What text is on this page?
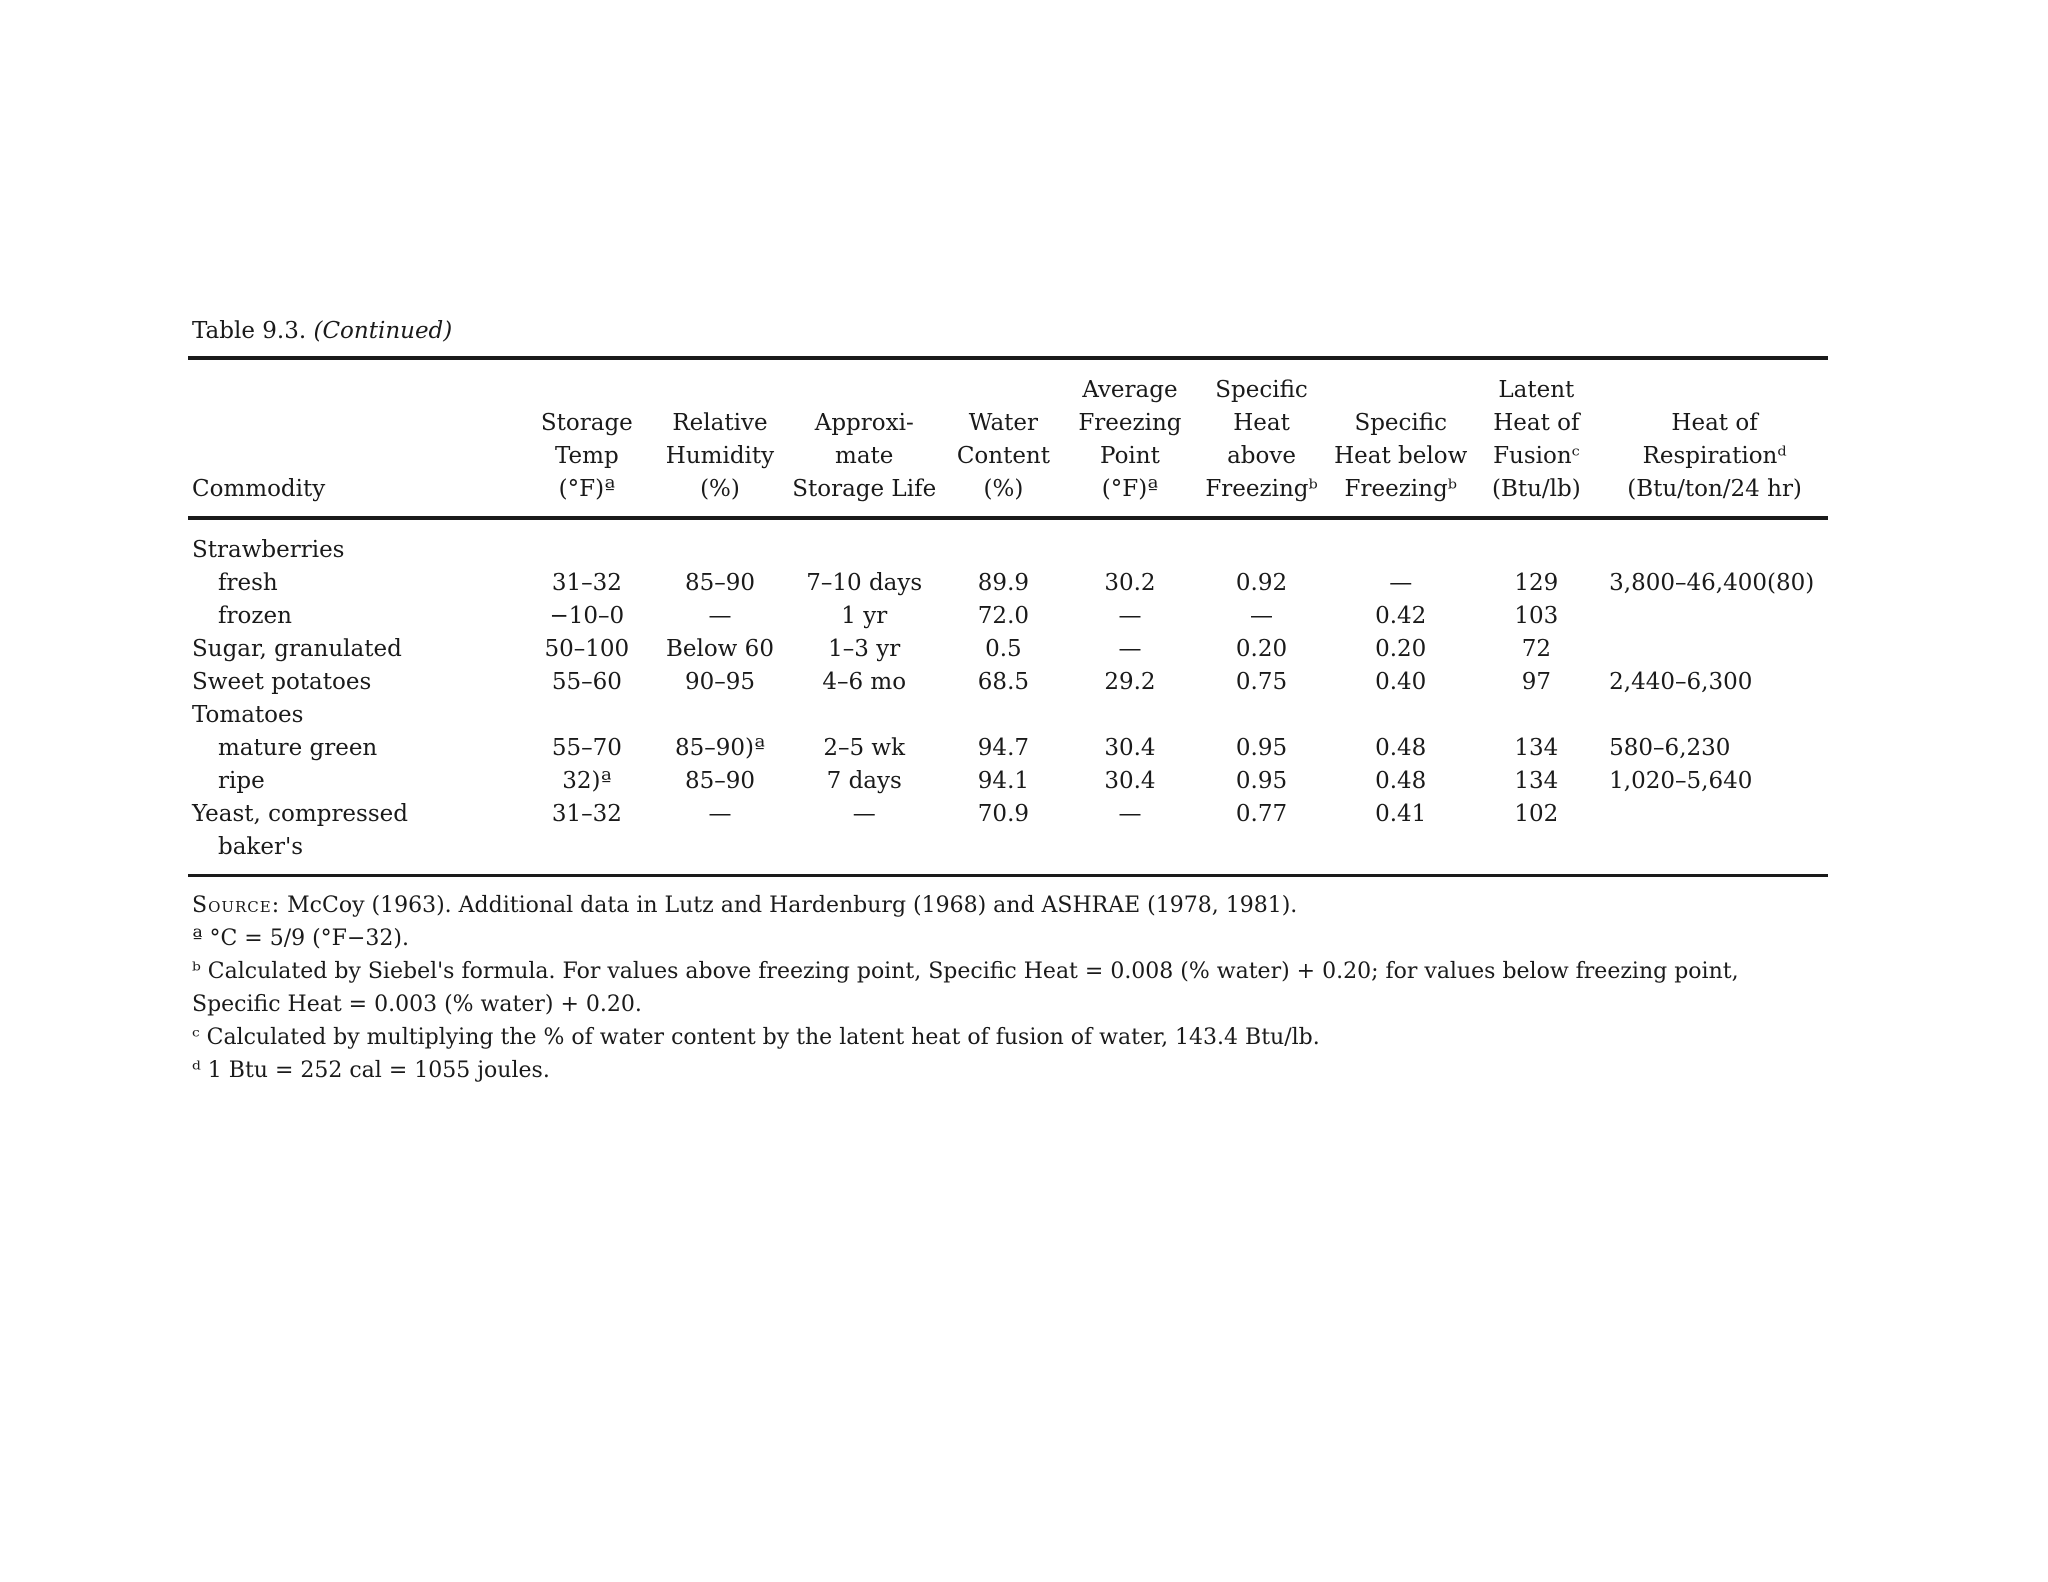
Table 9.3. (Continued)
Commodity	Storage Temp (°F)ª	Relative Humidity (%)	Approxi- mate Storage Life	Water Content (%)	Average Freezing Point (°F)ª	Specific Heat above Freezingᵇ	Specific Heat below Freezingᵇ	Latent Heat of Fusionᶜ (Btu/lb)	Heat of Respirationᵈ (Btu/ton/24 hr)
Strawberries									
fresh	31–32	85–90	7–10 days	89.9	30.2	0.92	—	129	3,800–46,400(80)
frozen	−10–0	—	1 yr	72.0	—	—	0.42	103	
Sugar, granulated	50–100	Below 60	1–3 yr	0.5	—	0.20	0.20	72	
Sweet potatoes	55–60	90–95	4–6 mo	68.5	29.2	0.75	0.40	97	2,440–6,300
Tomatoes									
mature green	55–70	85–90)ª	2–5 wk	94.7	30.4	0.95	0.48	134	580–6,230
ripe	32)ª	85–90	7 days	94.1	30.4	0.95	0.48	134	1,020–5,640
Yeast, compressed	31–32	—	—	70.9	—	0.77	0.41	102	
baker's									

Source: McCoy (1963). Additional data in Lutz and Hardenburg (1968) and ASHRAE (1978, 1981).

ª °C = 5/9 (°F−32).

ᵇ Calculated by Siebel's formula. For values above freezing point, Specific Heat = 0.008 (% water) + 0.20; for values below freezing point, Specific Heat = 0.003 (% water) + 0.20.

ᶜ Calculated by multiplying the % of water content by the latent heat of fusion of water, 143.4 Btu/lb.

ᵈ 1 Btu = 252 cal = 1055 joules.
